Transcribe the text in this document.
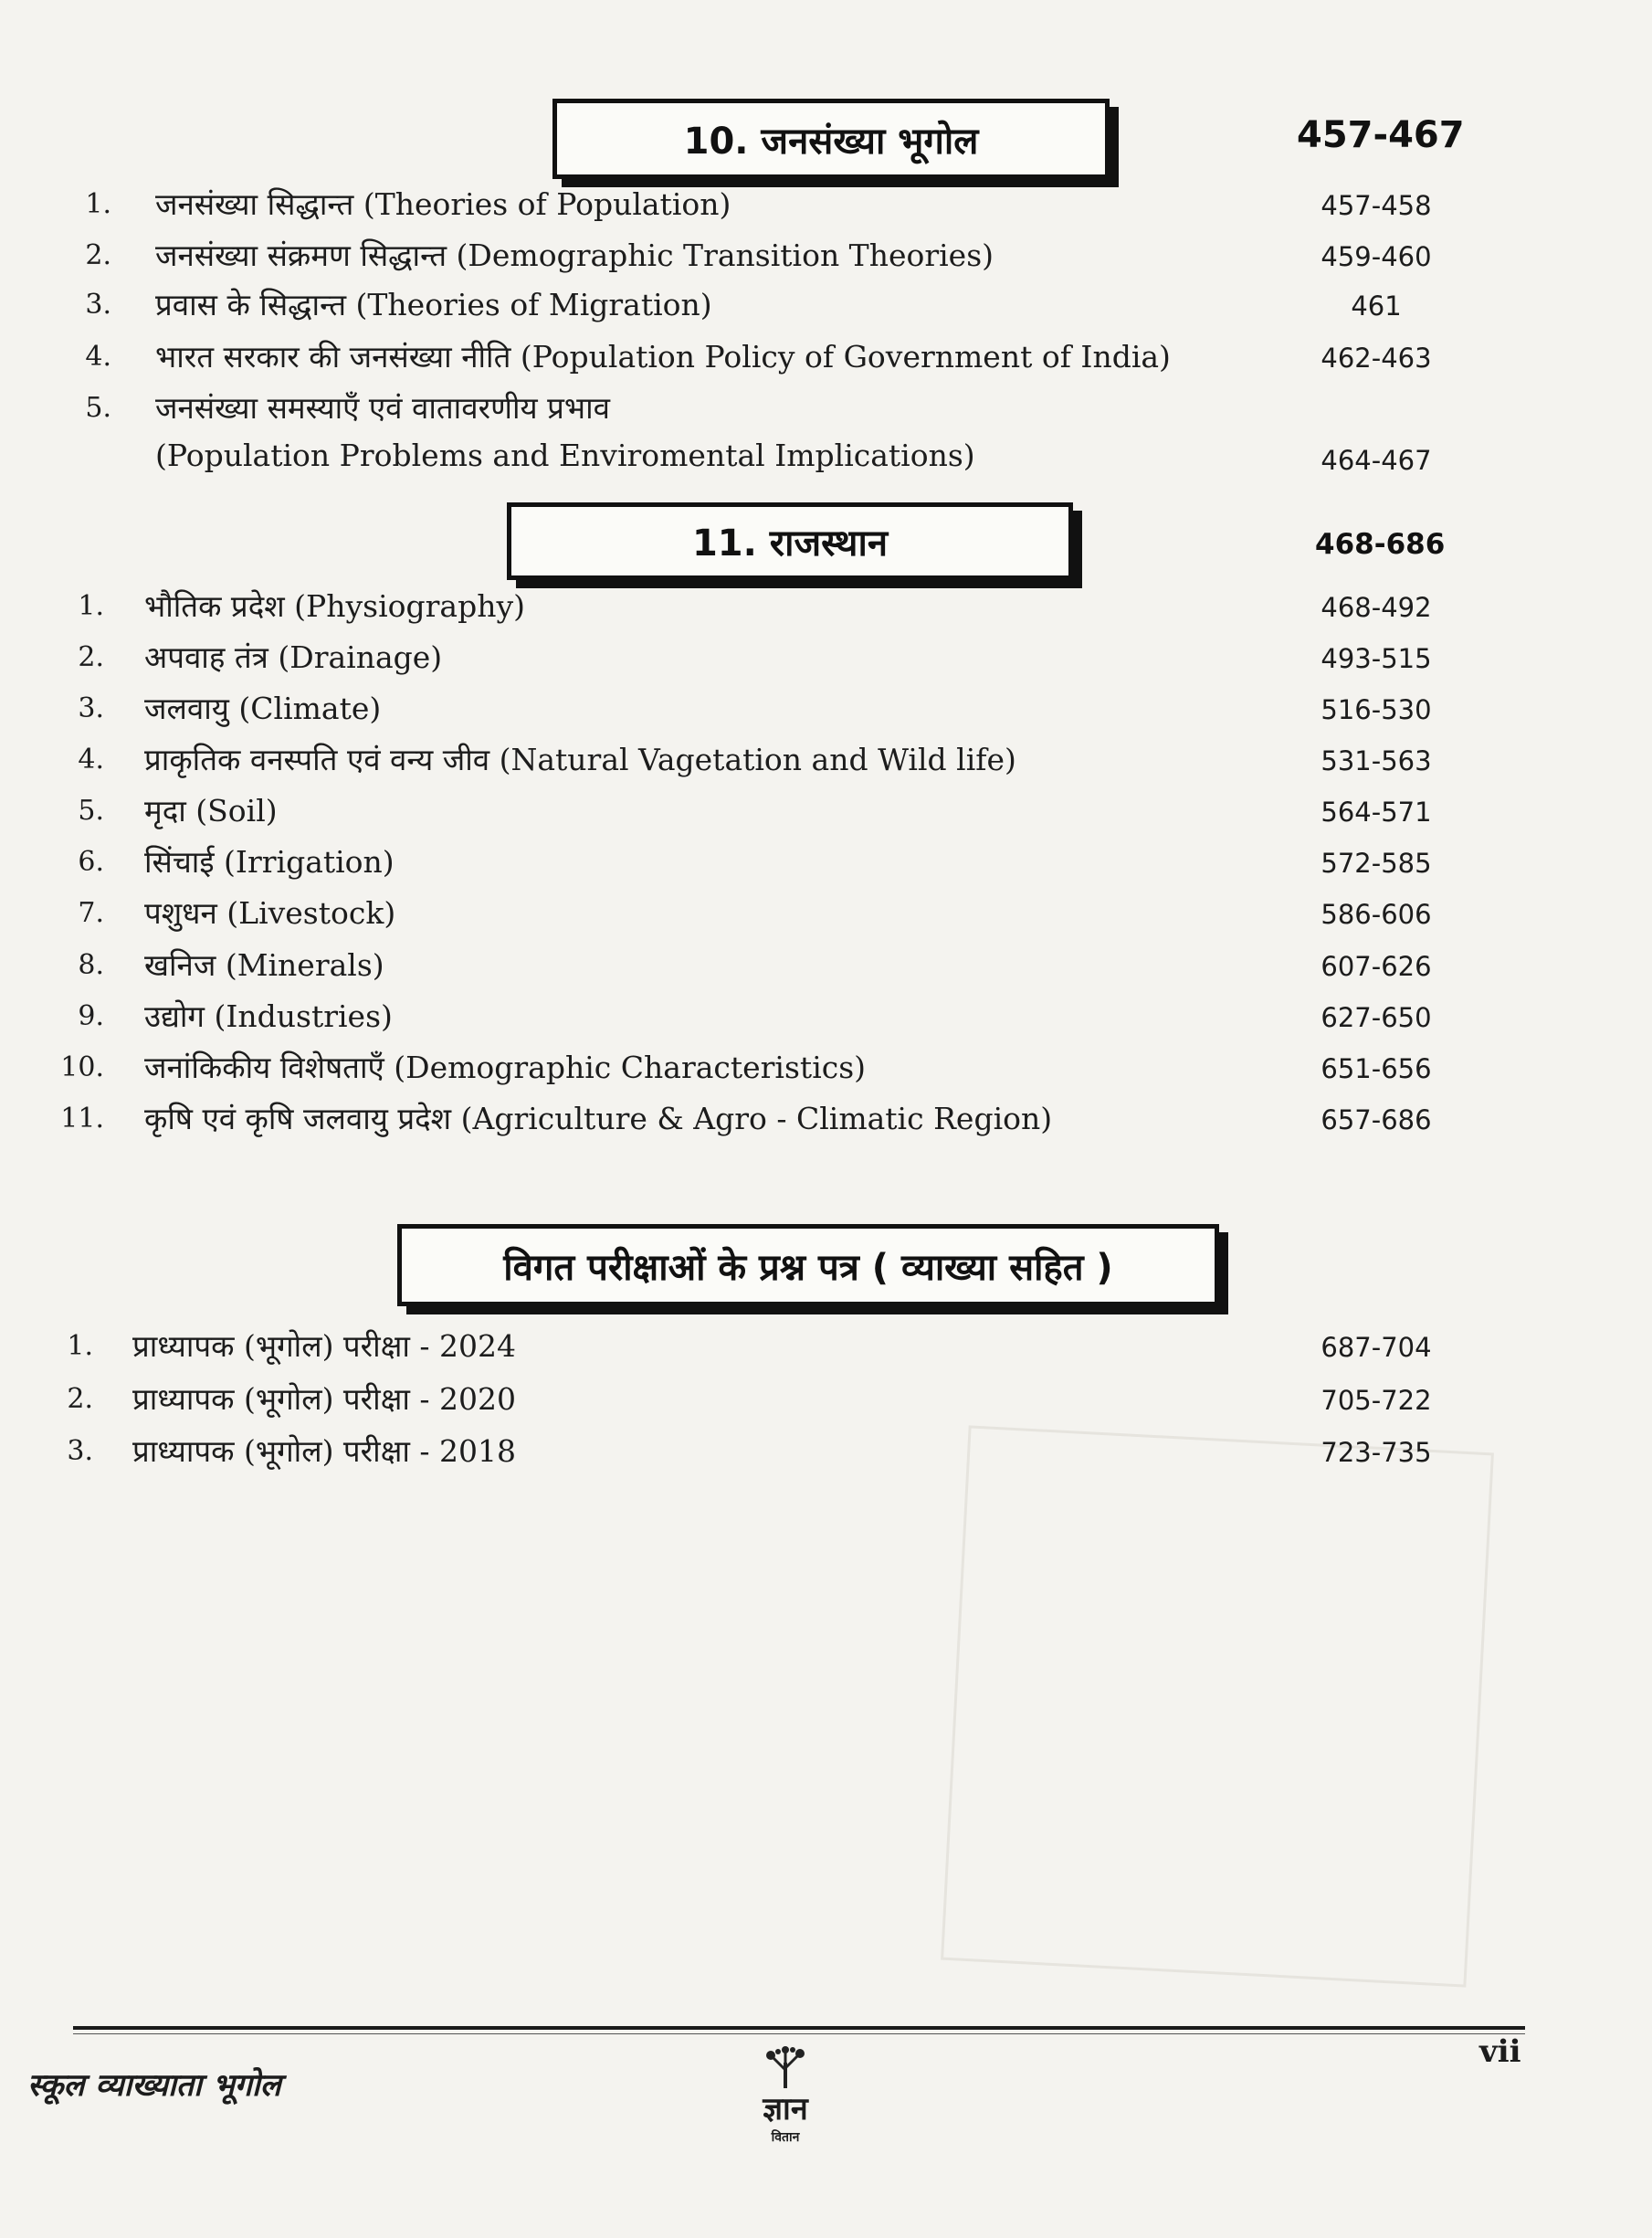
10. जनसंख्या भूगोल	457-467
1. जनसंख्या सिद्धान्त (Theories of Population)	457-458
2. जनसंख्या संक्रमण सिद्धान्त (Demographic Transition Theories)	459-460
3. प्रवास के सिद्धान्त (Theories of Migration)	461
4. भारत सरकार की जनसंख्या नीति (Population Policy of Government of India)	462-463
5. जनसंख्या समस्याएँ एवं वातावरणीय प्रभाव
(Population Problems and Enviromental Implications)	464-467
11. राजस्थान	468-686
1. भौतिक प्रदेश (Physiography)	468-492
2. अपवाह तंत्र (Drainage)	493-515
3. जलवायु (Climate)	516-530
4. प्राकृतिक वनस्पति एवं वन्य जीव (Natural Vagetation and Wild life)	531-563
5. मृदा (Soil)	564-571
6. सिंचाई (Irrigation)	572-585
7. पशुधन (Livestock)	586-606
8. खनिज (Minerals)	607-626
9. उद्योग (Industries)	627-650
10. जनांकिकीय विशेषताएँ (Demographic Characteristics)	651-656
11. कृषि एवं कृषि जलवायु प्रदेश (Agriculture & Agro - Climatic Region)	657-686
विगत परीक्षाओं के प्रश्न पत्र ( व्याख्या सहित )
1. प्राध्यापक (भूगोल) परीक्षा - 2024	687-704
2. प्राध्यापक (भूगोल) परीक्षा - 2020	705-722
3. प्राध्यापक (भूगोल) परीक्षा - 2018	723-735
स्कूल व्याख्याता भूगोल
vii
ज्ञान
वितान
